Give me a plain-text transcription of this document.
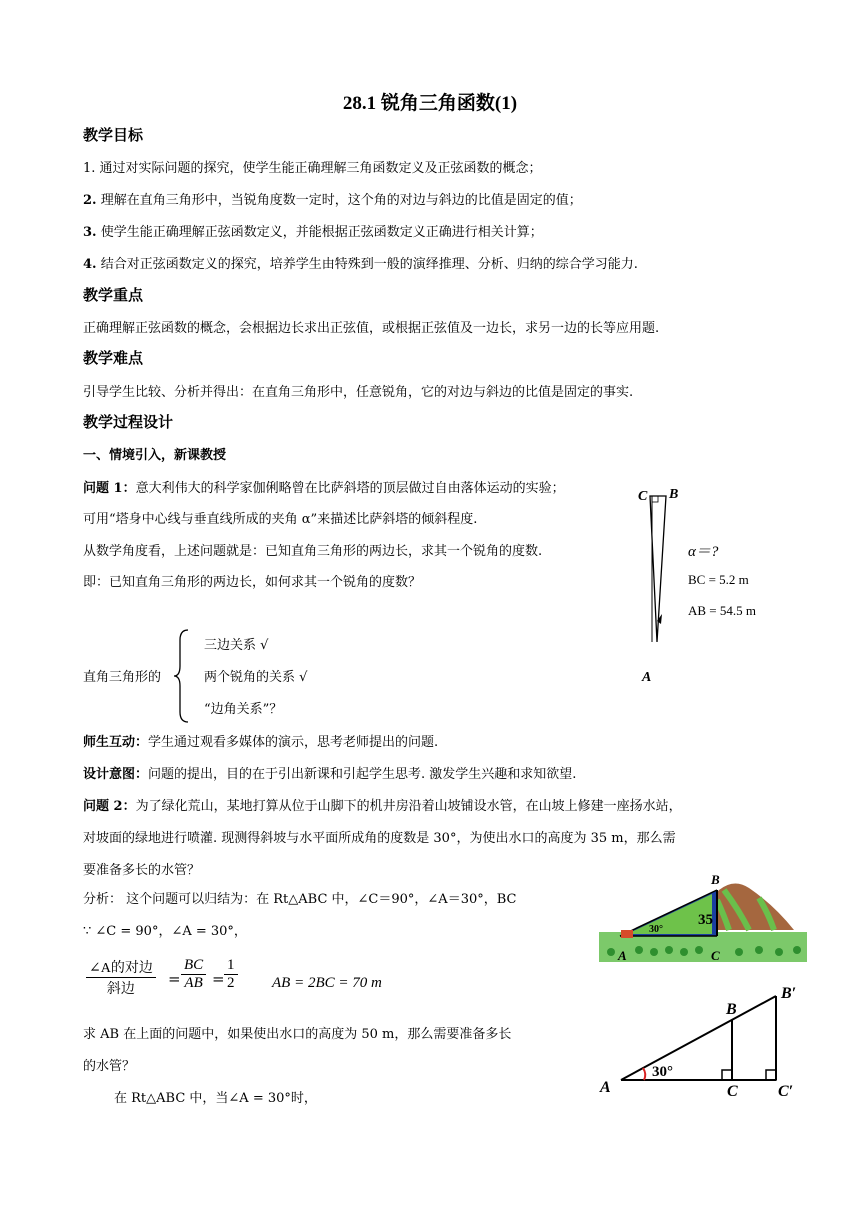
28.1 锐角三角函数(1)
教学目标
1. 通过对实际问题的探究，使学生能正确理解三角函数定义及正弦函数的概念；
2. 理解在直角三角形中，当锐角度数一定时，这个角的对边与斜边的比值是固定的值；
3. 使学生能正确理解正弦函数定义，并能根据正弦函数定义正确进行相关计算；
4. 结合对正弦函数定义的探究，培养学生由特殊到一般的演绎推理、分析、归纳的综合学习能力.
教学重点
正确理解正弦函数的概念，会根据边长求出正弦值，或根据正弦值及一边长，求另一边的长等应用题.
教学难点
引导学生比较、分析并得出：在直角三角形中，任意锐角，它的对边与斜边的比值是固定的事实.
教学过程设计
一、情境引入，新课教授
问题 1：意大利伟大的科学家伽俐略曾在比萨斜塔的顶层做过自由落体运动的实验；
可用“塔身中心线与垂直线所成的夹角 α”来描述比萨斜塔的倾斜程度.
从数学角度看，上述问题就是：已知直角三角形的两边长，求其一个锐角的度数.
即：已知直角三角形的两边长，如何求其一个锐角的度数？
直角三角形的
三边关系 √
两个锐角的关系 √
“边角关系”？
C B
A
α＝?
BC = 5.2 m
AB = 54.5 m
师生互动：学生通过观看多媒体的演示，思考老师提出的问题.
设计意图：问题的提出，目的在于引出新课和引起学生思考. 激发学生兴趣和求知欲望.
问题 2：为了绿化荒山，某地打算从位于山脚下的机井房沿着山坡铺设水管，在山坡上修建一座扬水站，
对坡面的绿地进行喷灌. 现测得斜坡与水平面所成角的度数是 30°，为使出水口的高度为 35 m，那么需
要准备多长的水管？
分析： 这个问题可以归结为：在 Rt△ABC 中，∠C＝90°，∠A＝30°，BC
∵ ∠C = 90°，∠A = 30°，
∠A的对边
斜边
= $\frac{BC}{AB} = \frac{1}{2}$ AB = 2BC = 70 m
求 AB 在上面的问题中，如果使出水口的高度为 50 m，那么需要准备多长
的水管？
在 Rt△ABC 中，当∠A = 30°时，
B
A	C
35
30°
A
B
B′
C	C′
30°
